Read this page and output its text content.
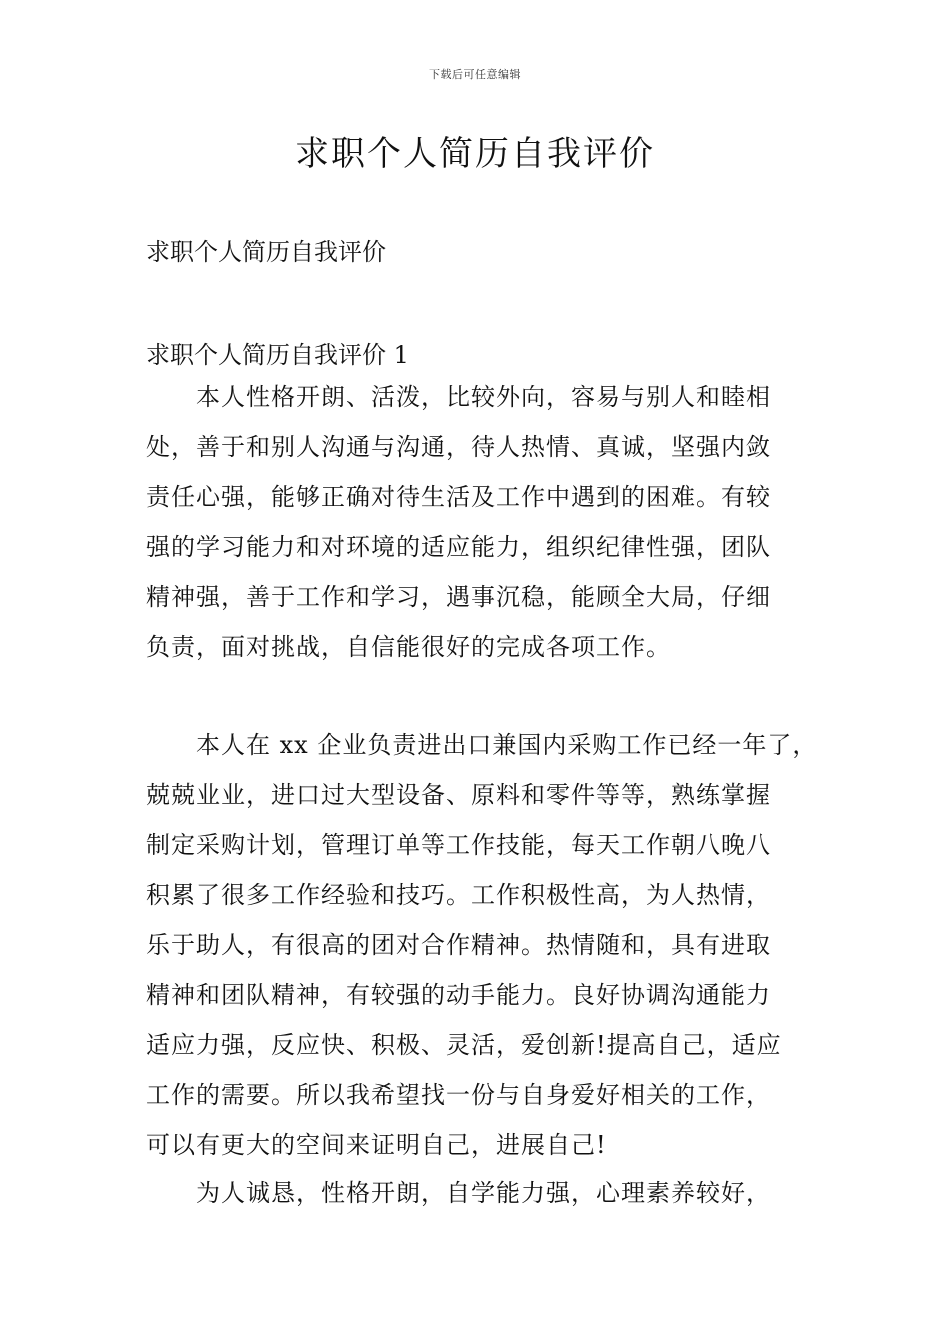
下载后可任意编辑
求职个人简历自我评价

求职个人简历自我评价

求职个人简历自我评价 1

本人性格开朗、活泼，比较外向，容易与别人和睦相
处，善于和别人沟通与沟通，待人热情、真诚，坚强内敛
责任心强，能够正确对待生活及工作中遇到的困难。有较
强的学习能力和对环境的适应能力，组织纪律性强，团队
精神强，善于工作和学习，遇事沉稳，能顾全大局，仔细
负责，面对挑战，自信能很好的完成各项工作。
本人在 xx 企业负责进出口兼国内采购工作已经一年了，
兢兢业业，进口过大型设备、原料和零件等等，熟练掌握
制定采购计划，管理订单等工作技能，每天工作朝八晚八
积累了很多工作经验和技巧。工作积极性高，为人热情，
乐于助人，有很高的团对合作精神。热情随和，具有进取
精神和团队精神，有较强的动手能力。良好协调沟通能力
适应力强，反应快、积极、灵活，爱创新!提高自己，适应
工作的需要。所以我希望找一份与自身爱好相关的工作，
可以有更大的空间来证明自己，进展自己!
为人诚恳，性格开朗，自学能力强，心理素养较好，
